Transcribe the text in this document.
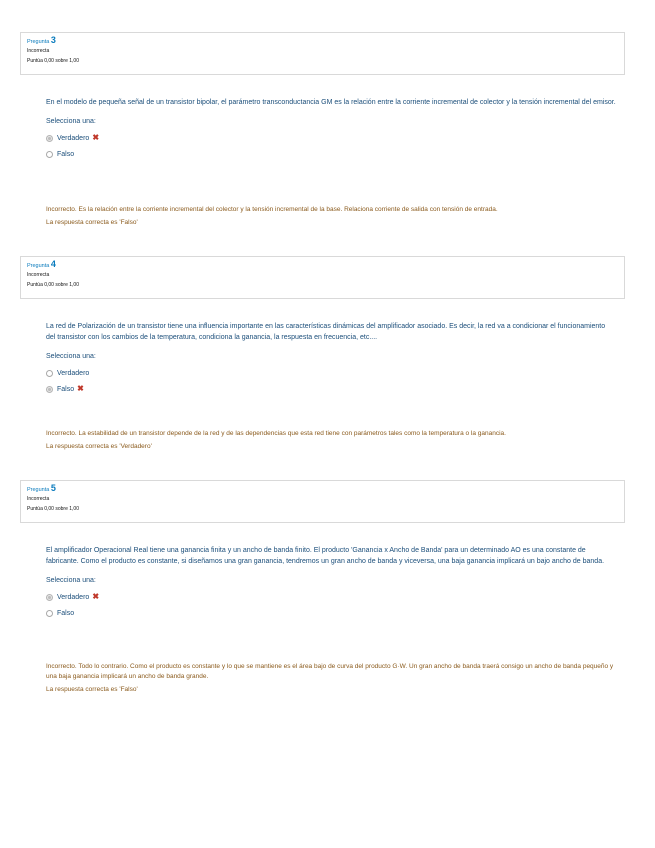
Pregunta 3
Incorrecta
Puntúa 0,00 sobre 1,00

En el modelo de pequeña señal de un transistor bipolar, el parámetro transconductancia GM es la relación entre la corriente incremental de colector y la tensión incremental del emisor.

Selecciona una:
Verdadero ✖
Falso

Incorrecto. Es la relación entre la corriente incremental del colector y la tensión incremental de la base. Relaciona corriente de salida con tensión de entrada.

La respuesta correcta es 'Falso'
Pregunta 4
Incorrecta
Puntúa 0,00 sobre 1,00

La red de Polarización de un transistor tiene una influencia importante en las características dinámicas del amplificador asociado. Es decir, la red va a condicionar el funcionamiento del transistor con los cambios de la temperatura, condiciona la ganancia, la respuesta en frecuencia, etc....

Selecciona una:
Verdadero
Falso ✖

Incorrecto. La estabilidad de un transistor depende de la red y de las dependencias que esta red tiene con parámetros tales como la temperatura o la ganancia.

La respuesta correcta es 'Verdadero'
Pregunta 5
Incorrecta
Puntúa 0,00 sobre 1,00

El amplificador Operacional Real tiene una ganancia finita y un ancho de banda finito. El producto 'Ganancia x Ancho de Banda' para un determinado AO es una constante de fabricante. Como el producto es constante, si diseñamos una gran ganancia, tendremos un gran ancho de banda y viceversa, una baja ganancia implicará un bajo ancho de banda.

Selecciona una:
Verdadero ✖
Falso

Incorrecto. Todo lo contrario. Como el producto es constante y lo que se mantiene es el área bajo de curva del producto G·W. Un gran ancho de banda traerá consigo un ancho de banda pequeño y una baja ganancia implicará un ancho de banda grande.

La respuesta correcta es 'Falso'
